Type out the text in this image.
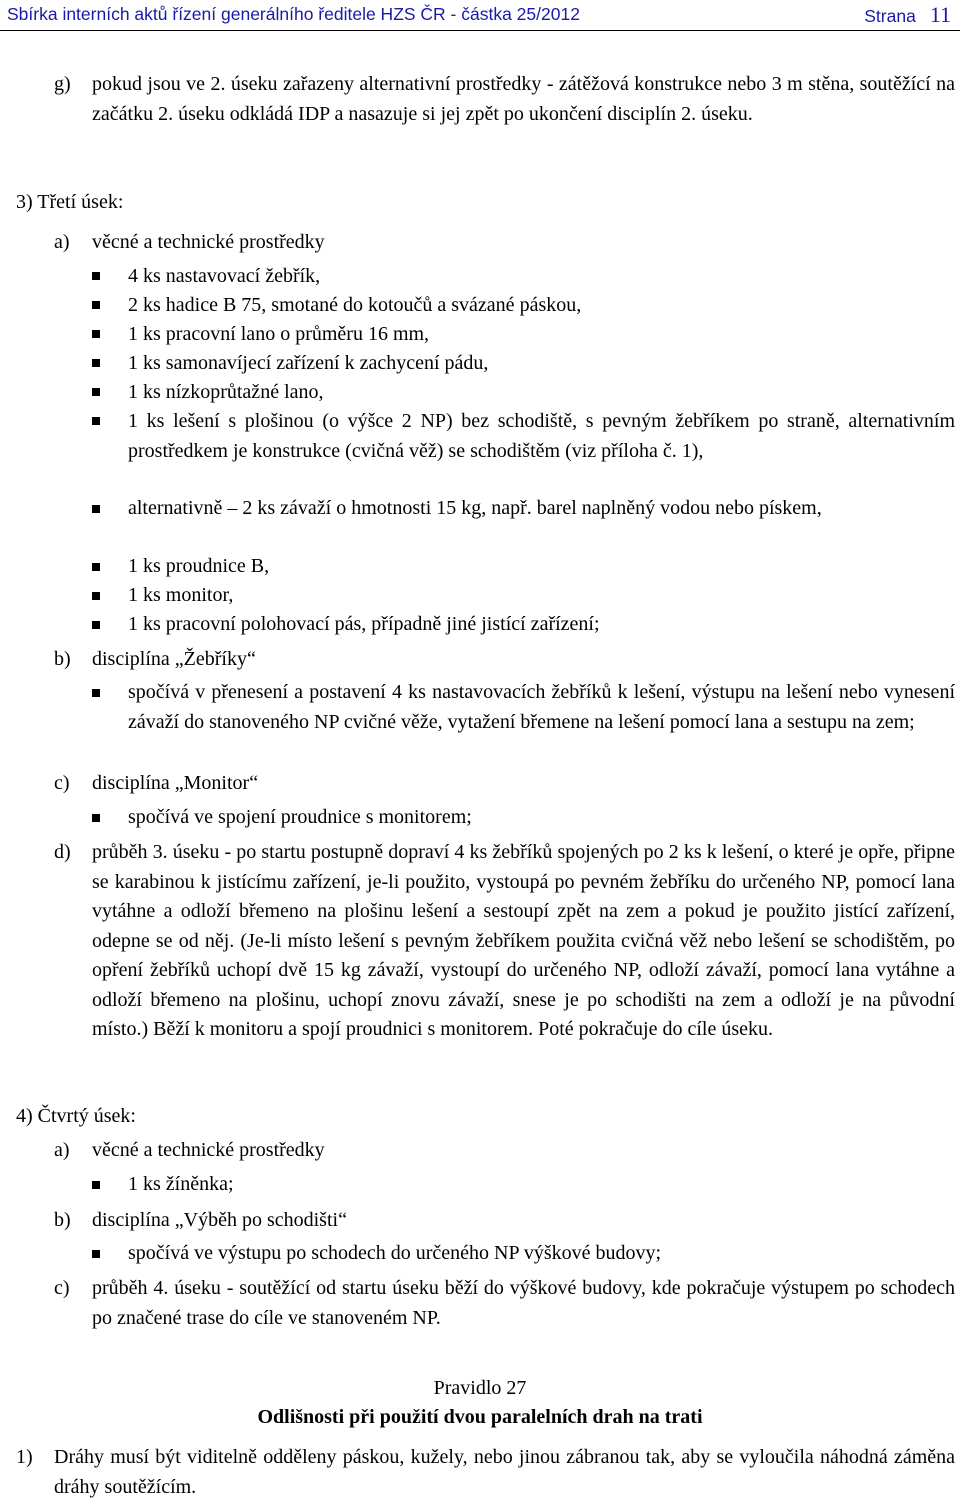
Sbírka interních aktů řízení generálního ředitele HZS ČR - částka 25/2012	Strana 11

g) pokud jsou ve 2. úseku zařazeny alternativní prostředky - zátěžová konstrukce nebo 3 m stěna, soutěžící na začátku 2. úseku odkládá IDP a nasazuje si jej zpět po ukončení disciplín 2. úseku.

3) Třetí úsek:

a) věcné a technické prostředky

4 ks nastavovací žebřík,

2 ks hadice B 75, smotané do kotoučů a svázané páskou,

1 ks pracovní lano o průměru 16 mm,

1 ks samonavíjecí zařízení k zachycení pádu,

1 ks nízkoprůtažné lano,

1 ks lešení s plošinou (o výšce 2 NP) bez schodiště, s pevným žebříkem po straně, alternativním prostředkem je konstrukce (cvičná věž) se schodištěm (viz příloha č. 1),

alternativně – 2 ks závaží o hmotnosti 15 kg, např. barel naplněný vodou nebo pískem,

1 ks proudnice B,

1 ks monitor,

1 ks pracovní polohovací pás, případně jiné jistící zařízení;

b) disciplína „Žebříky“

spočívá v přenesení a postavení 4 ks nastavovacích žebříků k lešení, výstupu na lešení nebo vynesení závaží do stanoveného NP cvičné věže, vytažení břemene na lešení pomocí lana a sestupu na zem;

c) disciplína „Monitor“

spočívá ve spojení proudnice s monitorem;

d) průběh 3. úseku - po startu postupně dopraví 4 ks žebříků spojených po 2 ks k lešení, o které je opře, připne se karabinou k jistícímu zařízení, je-li použito, vystoupá po pevném žebříku do určeného NP, pomocí lana vytáhne a odloží břemeno na plošinu lešení a sestoupí zpět na zem a pokud je použito jistící zařízení, odepne se od něj. (Je-li místo lešení s pevným žebříkem použita cvičná věž nebo lešení se schodištěm, po opření žebříků uchopí dvě 15 kg závaží, vystoupí do určeného NP, odloží závaží, pomocí lana vytáhne a odloží břemeno na plošinu, uchopí znovu závaží, snese je po schodišti na zem a odloží je na původní místo.) Běží k monitoru a spojí proudnici s monitorem. Poté pokračuje do cíle úseku.

4) Čtvrtý úsek:

a) věcné a technické prostředky

1 ks žíněnka;

b) disciplína „Výběh po schodišti“

spočívá ve výstupu po schodech do určeného NP výškové budovy;

c) průběh 4. úseku - soutěžící od startu úseku běží do výškové budovy, kde pokračuje výstupem po schodech po značené trase do cíle ve stanoveném NP.

Pravidlo 27
Odlišnosti při použití dvou paralelních drah na trati

1) Dráhy musí být viditelně odděleny páskou, kužely, nebo jinou zábranou tak, aby se vyloučila náhodná záměna dráhy soutěžícím.
